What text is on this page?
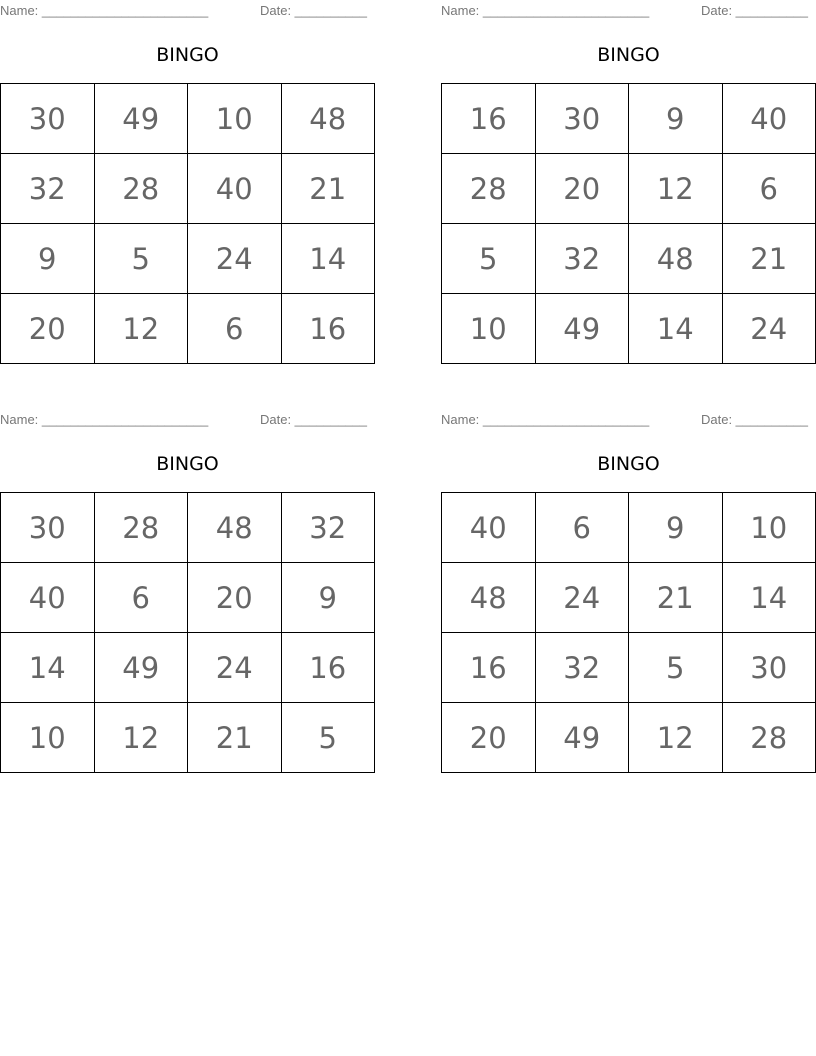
Name: _______________________	Date: __________
BINGO
30	49	10	48
32	28	40	21
9	5	24	14
20	12	6	16
Name: _______________________	Date: __________
BINGO
16	30	9	40
28	20	12	6
5	32	48	21
10	49	14	24
Name: _______________________	Date: __________
BINGO
30	28	48	32
40	6	20	9
14	49	24	16
10	12	21	5
Name: _______________________	Date: __________
BINGO
40	6	9	10
48	24	21	14
16	32	5	30
20	49	12	28
